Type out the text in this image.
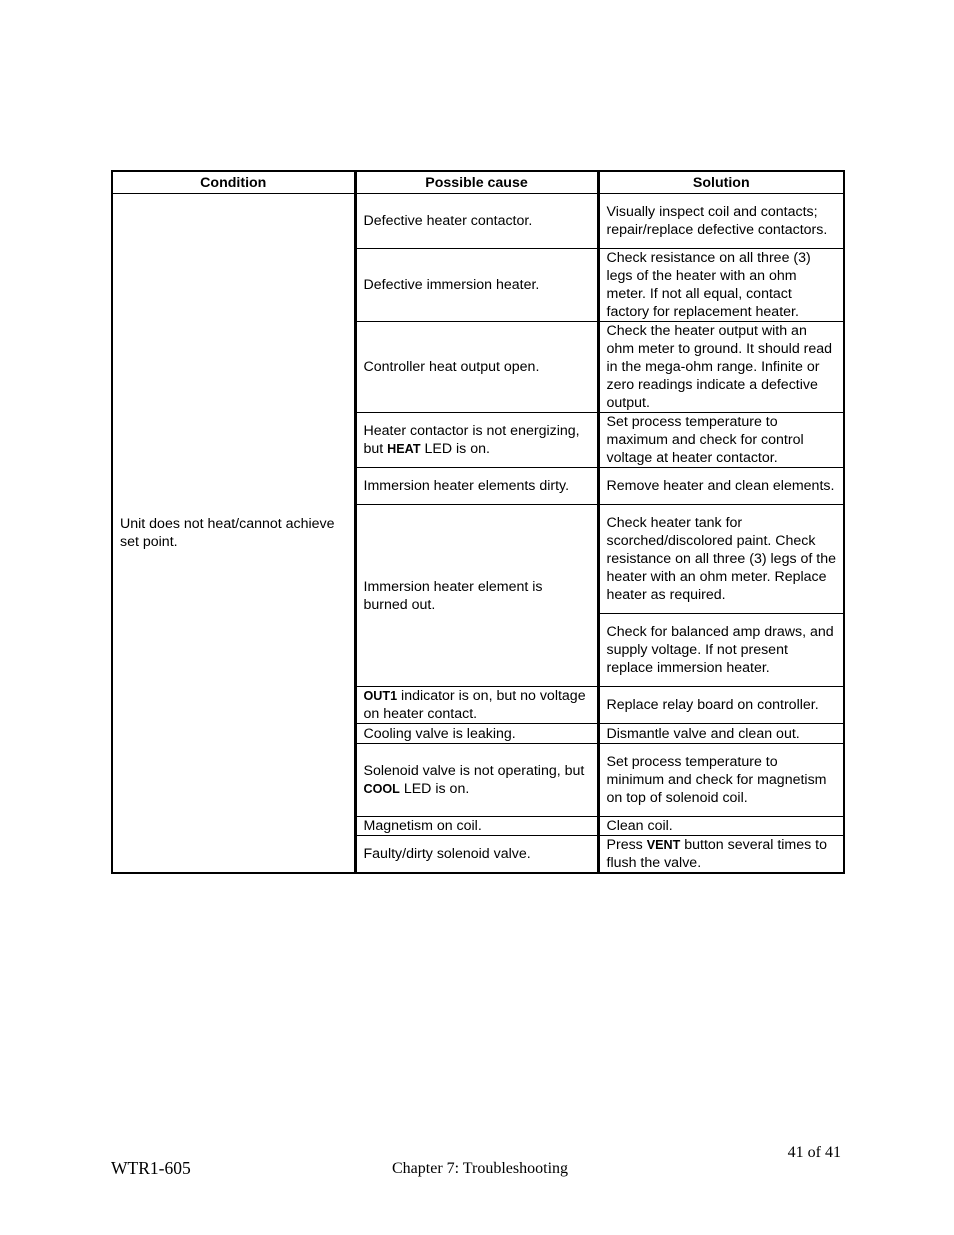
Condition	Possible cause	Solution
Unit does not heat/cannot achieve set point.	Defective heater contactor.	Visually inspect coil and contacts; repair/replace defective contactors.
	Defective immersion heater.	Check resistance on all three (3) legs of the heater with an ohm meter. If not all equal, contact factory for replacement heater.
	Controller heat output open.	Check the heater output with an ohm meter to ground. It should read in the mega-ohm range. Infinite or zero readings indicate a defective output.
	Heater contactor is not energizing, but HEAT LED is on.	Set process temperature to maximum and check for control voltage at heater contactor.
	Immersion heater elements dirty.	Remove heater and clean elements.
	Immersion heater element is burned out.	Check heater tank for scorched/discolored paint. Check resistance on all three (3) legs of the heater with an ohm meter. Replace heater as required.
		Check for balanced amp draws, and supply voltage. If not present replace immersion heater.
	OUT1 indicator is on, but no voltage on heater contact.	Replace relay board on controller.
	Cooling valve is leaking.	Dismantle valve and clean out.
	Solenoid valve is not operating, but COOL LED is on.	Set process temperature to minimum and check for magnetism on top of solenoid coil.
	Magnetism on coil.	Clean coil.
	Faulty/dirty solenoid valve.	Press VENT button several times to flush the valve.
WTR1-605	Chapter 7: Troubleshooting
41 of 41
